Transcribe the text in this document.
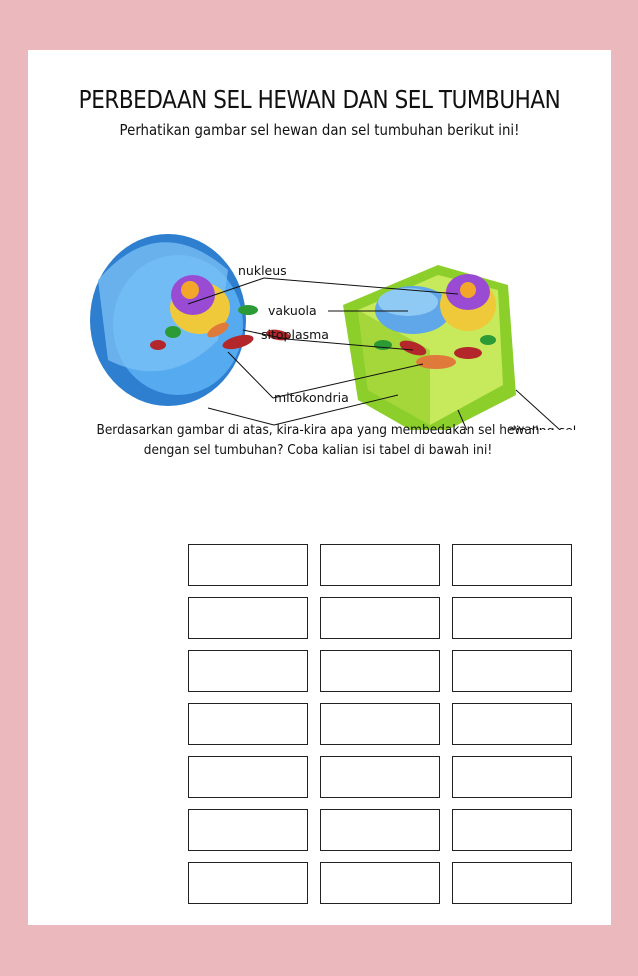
PERBEDAAN SEL HEWAN DAN SEL TUMBUHAN
Perhatikan gambar sel hewan dan sel tumbuhan berikut ini!
nukleus
vakuola
sitoplasma
mitokondria
Berdasarkan gambar di atas, kira-kira apa yang membedakan sel hewan dengan sel tumbuhan? Coba kalian isi tabel di bawah ini!
